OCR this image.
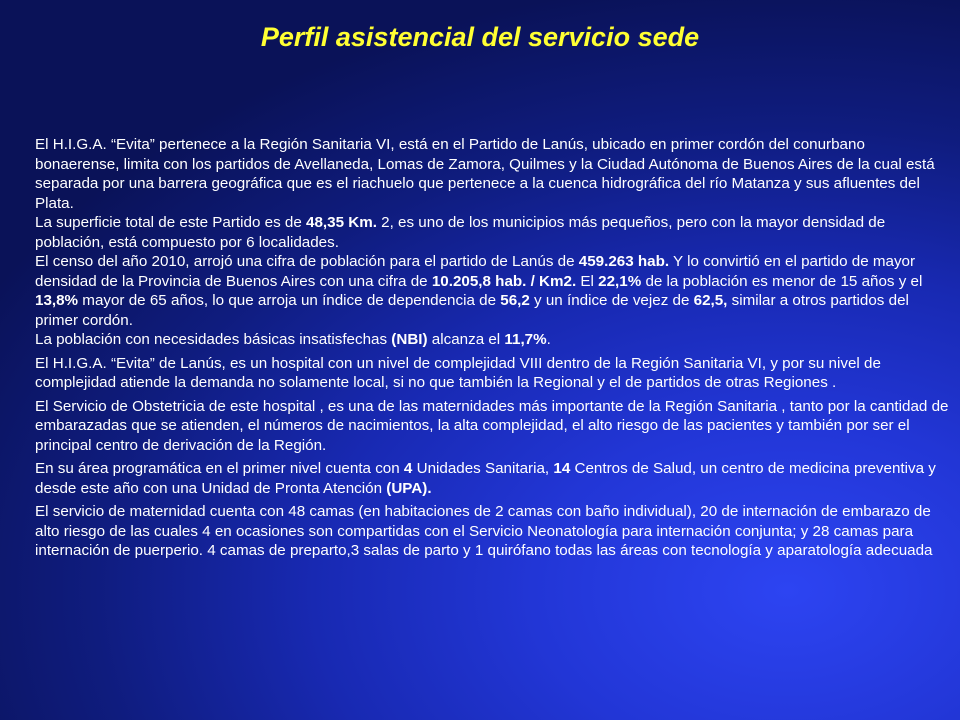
Perfil asistencial del servicio sede

El H.I.G.A. “Evita” pertenece a la Región Sanitaria VI, está en el Partido de Lanús, ubicado en primer cordón del conurbano bonaerense, limita con los partidos de Avellaneda, Lomas de Zamora, Quilmes y la Ciudad Autónoma de Buenos Aires de la cual está separada por una barrera geográfica que es el riachuelo que pertenece a la cuenca hidrográfica del río Matanza y sus afluentes del Plata.

La superficie total de este Partido es de 48,35 Km. 2, es uno de los municipios más pequeños, pero con la mayor densidad de población, está compuesto por 6 localidades.

El censo del año 2010, arrojó una cifra de población para el partido de Lanús de 459.263 hab. Y lo convirtió en el partido de mayor densidad de la Provincia de Buenos Aires con una cifra de 10.205,8 hab. / Km2. El 22,1% de la población es menor de 15 años y el 13,8% mayor de 65 años, lo que arroja un índice de dependencia de 56,2 y un índice de vejez de 62,5, similar a otros partidos del primer cordón.

La población con necesidades básicas insatisfechas (NBI) alcanza el 11,7%.

El H.I.G.A. “Evita” de Lanús, es un hospital con un nivel de complejidad VIII dentro de la Región Sanitaria VI, y por su nivel de complejidad atiende la demanda no solamente local, si no que también la Regional y el de partidos de otras Regiones .

El Servicio de Obstetricia de este hospital , es una de las maternidades más importante de la Región Sanitaria , tanto por la cantidad de embarazadas que se atienden, el números de nacimientos, la alta complejidad, el alto riesgo de las pacientes y también por ser el principal centro de derivación de la Región.

En su área programática en el primer nivel cuenta con 4 Unidades Sanitaria, 14 Centros de Salud, un centro de medicina preventiva y desde este año con una Unidad de Pronta Atención (UPA).

El servicio de maternidad cuenta con 48 camas (en habitaciones de 2 camas con baño individual), 20 de internación de embarazo de alto riesgo de las cuales 4 en ocasiones son compartidas con el Servicio Neonatología para internación conjunta; y 28 camas para internación de puerperio. 4 camas de preparto,3 salas de parto y 1 quirófano todas las áreas con tecnología y aparatología adecuada
